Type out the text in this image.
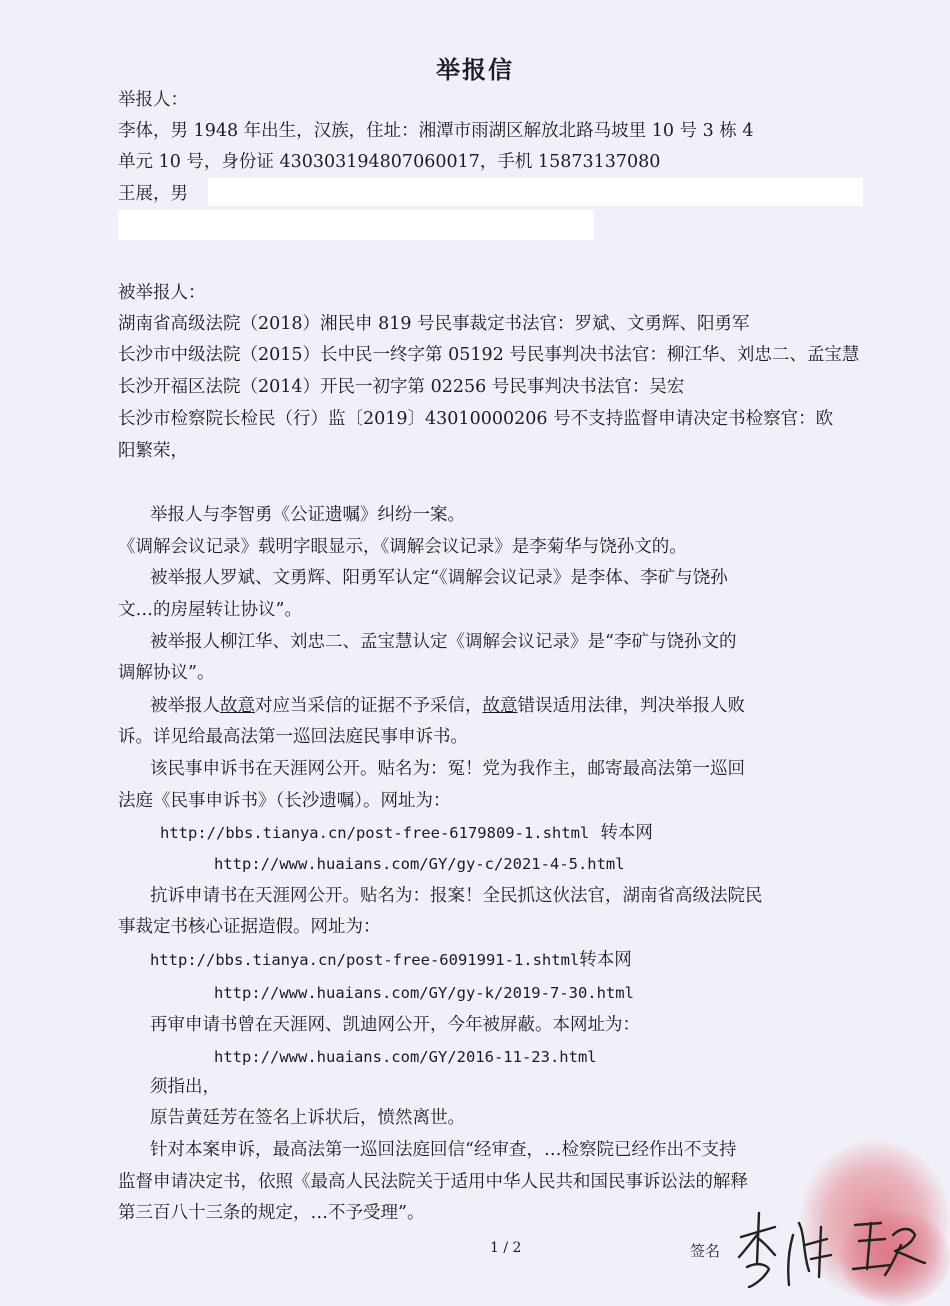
举报信
举报人：
李体，男 1948 年出生，汉族，住址：湘潭市雨湖区解放北路马坡里 10 号 3 栋 4
单元 10 号，身份证 430303194807060017，手机 15873137080
王展，男
被举报人：
湖南省高级法院（2018）湘民申 819 号民事裁定书法官：罗斌、文勇辉、阳勇军
长沙市中级法院（2015）长中民一终字第 05192 号民事判决书法官：柳江华、刘忠二、孟宝慧
长沙开福区法院（2014）开民一初字第 02256 号民事判决书法官：吴宏
长沙市检察院长检民（行）监〔2019〕43010000206 号不支持监督申请决定书检察官：欧
阳繁荣，
举报人与李智勇《公证遗嘱》纠纷一案。
《调解会议记录》载明字眼显示，《调解会议记录》是李菊华与饶孙文的。
被举报人罗斌、文勇辉、阳勇军认定“《调解会议记录》是李体、李矿与饶孙
文…的房屋转让协议”。
被举报人柳江华、刘忠二、孟宝慧认定《调解会议记录》是“李矿与饶孙文的
调解协议”。
被举报人故意对应当采信的证据不予采信，故意错误适用法律，判决举报人败
诉。详见给最高法第一巡回法庭民事申诉书。
该民事申诉书在天涯网公开。贴名为：冤！党为我作主，邮寄最高法第一巡回
法庭《民事申诉书》（长沙遗嘱）。网址为：
http://bbs.tianya.cn/post-free-6179809-1.shtml 转本网
http://www.huaians.com/GY/gy-c/2021-4-5.html
抗诉申请书在天涯网公开。贴名为：报案！全民抓这伙法官，湖南省高级法院民
事裁定书核心证据造假。网址为：
http://bbs.tianya.cn/post-free-6091991-1.shtml转本网
http://www.huaians.com/GY/gy-k/2019-7-30.html
再审申请书曾在天涯网、凯迪网公开，今年被屏蔽。本网址为：
http://www.huaians.com/GY/2016-11-23.html
须指出，
原告黄廷芳在签名上诉状后，愤然离世。
针对本案申诉，最高法第一巡回法庭回信“经审查，…检察院已经作出不支持
监督申请决定书，依照《最高人民法院关于适用中华人民共和国民事诉讼法的解释
第三百八十三条的规定，…不予受理”。
1 / 2	签名
